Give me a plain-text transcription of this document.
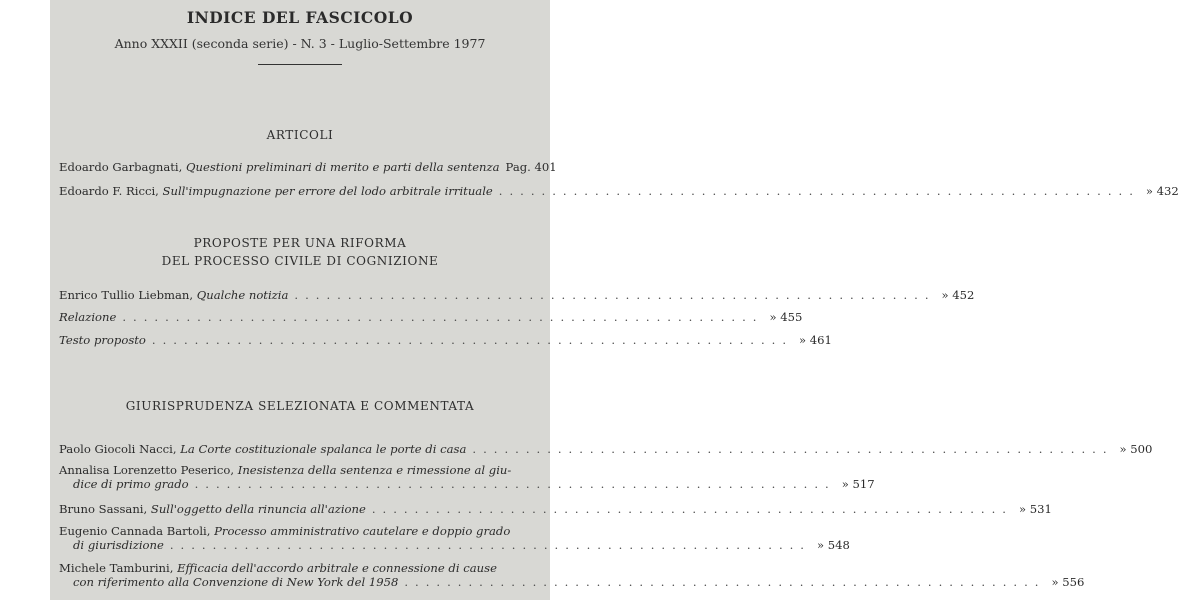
INDICE DEL FASCICOLO
Anno XXXII (seconda serie) - N. 3 - Luglio-Settembre 1977
ARTICOLI
Edoardo Garbagnati, Questioni preliminari di merito e parti della sentenza Pag. 401
Edoardo F. Ricci, Sull'impugnazione per errore del lodo arbitrale irrituale ............................................................ » 432
PROPOSTE PER UNA RIFORMA
DEL PROCESSO CIVILE DI COGNIZIONE
Enrico Tullio Liebman, Qualche notizia ............................................................ » 452
Relazione ............................................................ » 455
Testo proposto ............................................................ » 461
GIURISPRUDENZA SELEZIONATA E COMMENTATA
Paolo Giocoli Nacci, La Corte costituzionale spalanca le porte di casa ............................................................ » 500
Annalisa Lorenzetto Peserico, Inesistenza della sentenza e rimessione al giu-
dice di primo grado ............................................................ » 517
Bruno Sassani, Sull'oggetto della rinuncia all'azione ............................................................ » 531
Eugenio Cannada Bartoli, Processo amministrativo cautelare e doppio grado
di giurisdizione ............................................................ » 548
Michele Tamburini, Efficacia dell'accordo arbitrale e connessione di cause
con riferimento alla Convenzione di New York del 1958 ............................................................ » 556
